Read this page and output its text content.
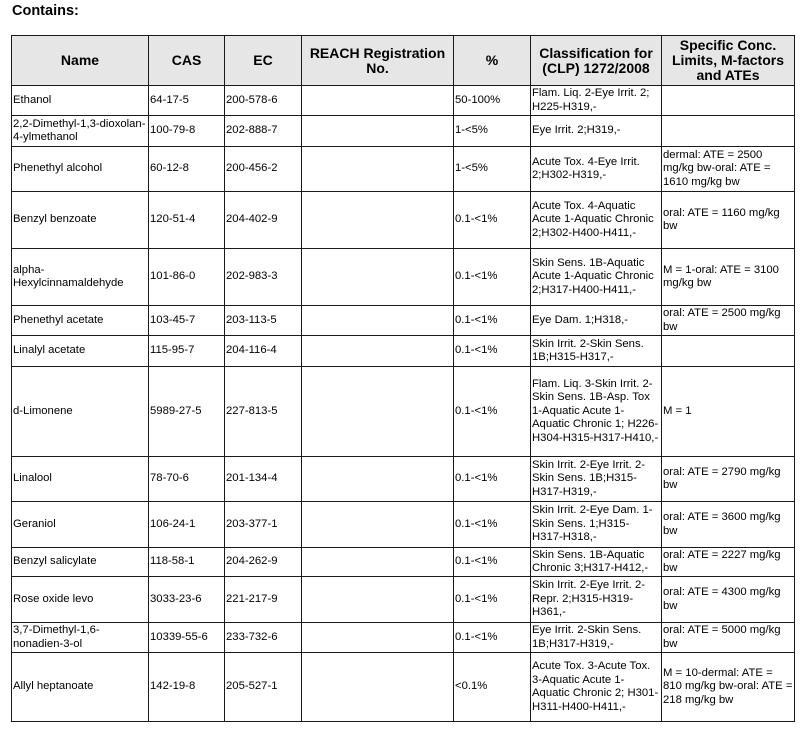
Contains:
Name	CAS	EC	REACH Registration No.	%	Classification for (CLP) 1272/2008	Specific Conc. Limits, M-factors and ATEs
Ethanol	64-17-5	200-578-6		50-100%	Flam. Liq. 2-Eye Irrit. 2; H225-H319,-	
2,2-Dimethyl-1,3-dioxolan-4-ylmethanol	100-79-8	202-888-7		1-<5%	Eye Irrit. 2;H319,-	
Phenethyl alcohol	60-12-8	200-456-2		1-<5%	Acute Tox. 4-Eye Irrit. 2;H302-H319,-	dermal: ATE = 2500 mg/kg bw-oral: ATE = 1610 mg/kg bw
Benzyl benzoate	120-51-4	204-402-9		0.1-<1%	Acute Tox. 4-Aquatic Acute 1-Aquatic Chronic 2;H302-H400-H411,-	oral: ATE = 1160 mg/kg bw
alpha-Hexylcinnamaldehyde	101-86-0	202-983-3		0.1-<1%	Skin Sens. 1B-Aquatic Acute 1-Aquatic Chronic 2;H317-H400-H411,-	M = 1-oral: ATE = 3100 mg/kg bw
Phenethyl acetate	103-45-7	203-113-5		0.1-<1%	Eye Dam. 1;H318,-	oral: ATE = 2500 mg/kg bw
Linalyl acetate	115-95-7	204-116-4		0.1-<1%	Skin Irrit. 2-Skin Sens. 1B;H315-H317,-	
d-Limonene	5989-27-5	227-813-5		0.1-<1%	Flam. Liq. 3-Skin Irrit. 2-Skin Sens. 1B-Asp. Tox 1-Aquatic Acute 1-Aquatic Chronic 1; H226-H304-H315-H317-H410,-	M = 1
Linalool	78-70-6	201-134-4		0.1-<1%	Skin Irrit. 2-Eye Irrit. 2-Skin Sens. 1B;H315-H317-H319,-	oral: ATE = 2790 mg/kg bw
Geraniol	106-24-1	203-377-1		0.1-<1%	Skin Irrit. 2-Eye Dam. 1-Skin Sens. 1;H315-H317-H318,-	oral: ATE = 3600 mg/kg bw
Benzyl salicylate	118-58-1	204-262-9		0.1-<1%	Skin Sens. 1B-Aquatic Chronic 3;H317-H412,-	oral: ATE = 2227 mg/kg bw
Rose oxide levo	3033-23-6	221-217-9		0.1-<1%	Skin Irrit. 2-Eye Irrit. 2-Repr. 2;H315-H319-H361,-	oral: ATE = 4300 mg/kg bw
3,7-Dimethyl-1,6-nonadien-3-ol	10339-55-6	233-732-6		0.1-<1%	Eye Irrit. 2-Skin Sens. 1B;H317-H319,-	oral: ATE = 5000 mg/kg bw
Allyl heptanoate	142-19-8	205-527-1		<0.1%	Acute Tox. 3-Acute Tox. 3-Aquatic Acute 1-Aquatic Chronic 2; H301-H311-H400-H411,-	M = 10-dermal: ATE = 810 mg/kg bw-oral: ATE = 218 mg/kg bw
